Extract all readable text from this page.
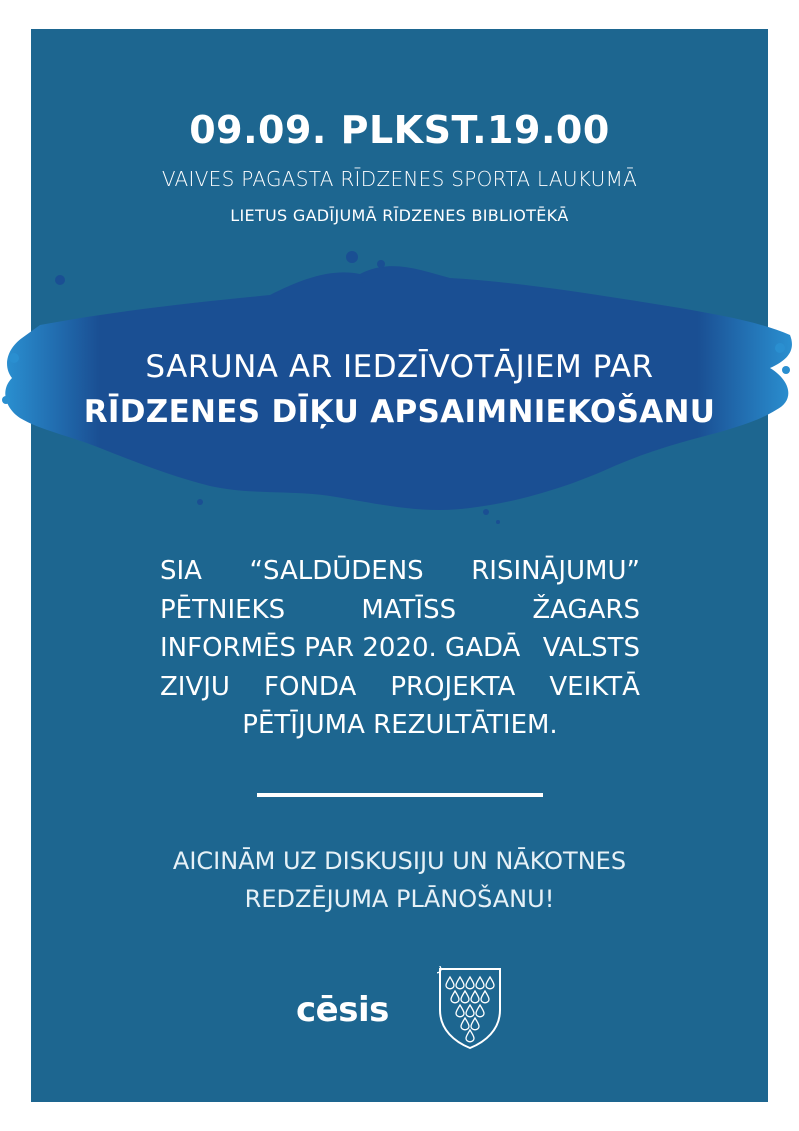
09.09. PLKST.19.00
VAIVES PAGASTA RĪDZENES SPORTA LAUKUMĀ
LIETUS GADĪJUMĀ RĪDZENES BIBLIOTĒKĀ
SARUNA AR IEDZĪVOTĀJIEM PAR
RĪDZENES DĪĶU APSAIMNIEKOŠANU
SIA “SALDŪDENS RISINĀJUMU”
PĒTNIEKS	MATĪSS	ŽAGARS
INFORMĒS PAR 2020. GADĀ VALSTS
ZIVJU FONDA PROJEKTA VEIKTĀ
PĒTĪJUMA REZULTĀTIEM.
AICINĀM UZ DISKUSIJU UN NĀKOTNES
REDZĒJUMA PLĀNOŠANU!
cēsis
